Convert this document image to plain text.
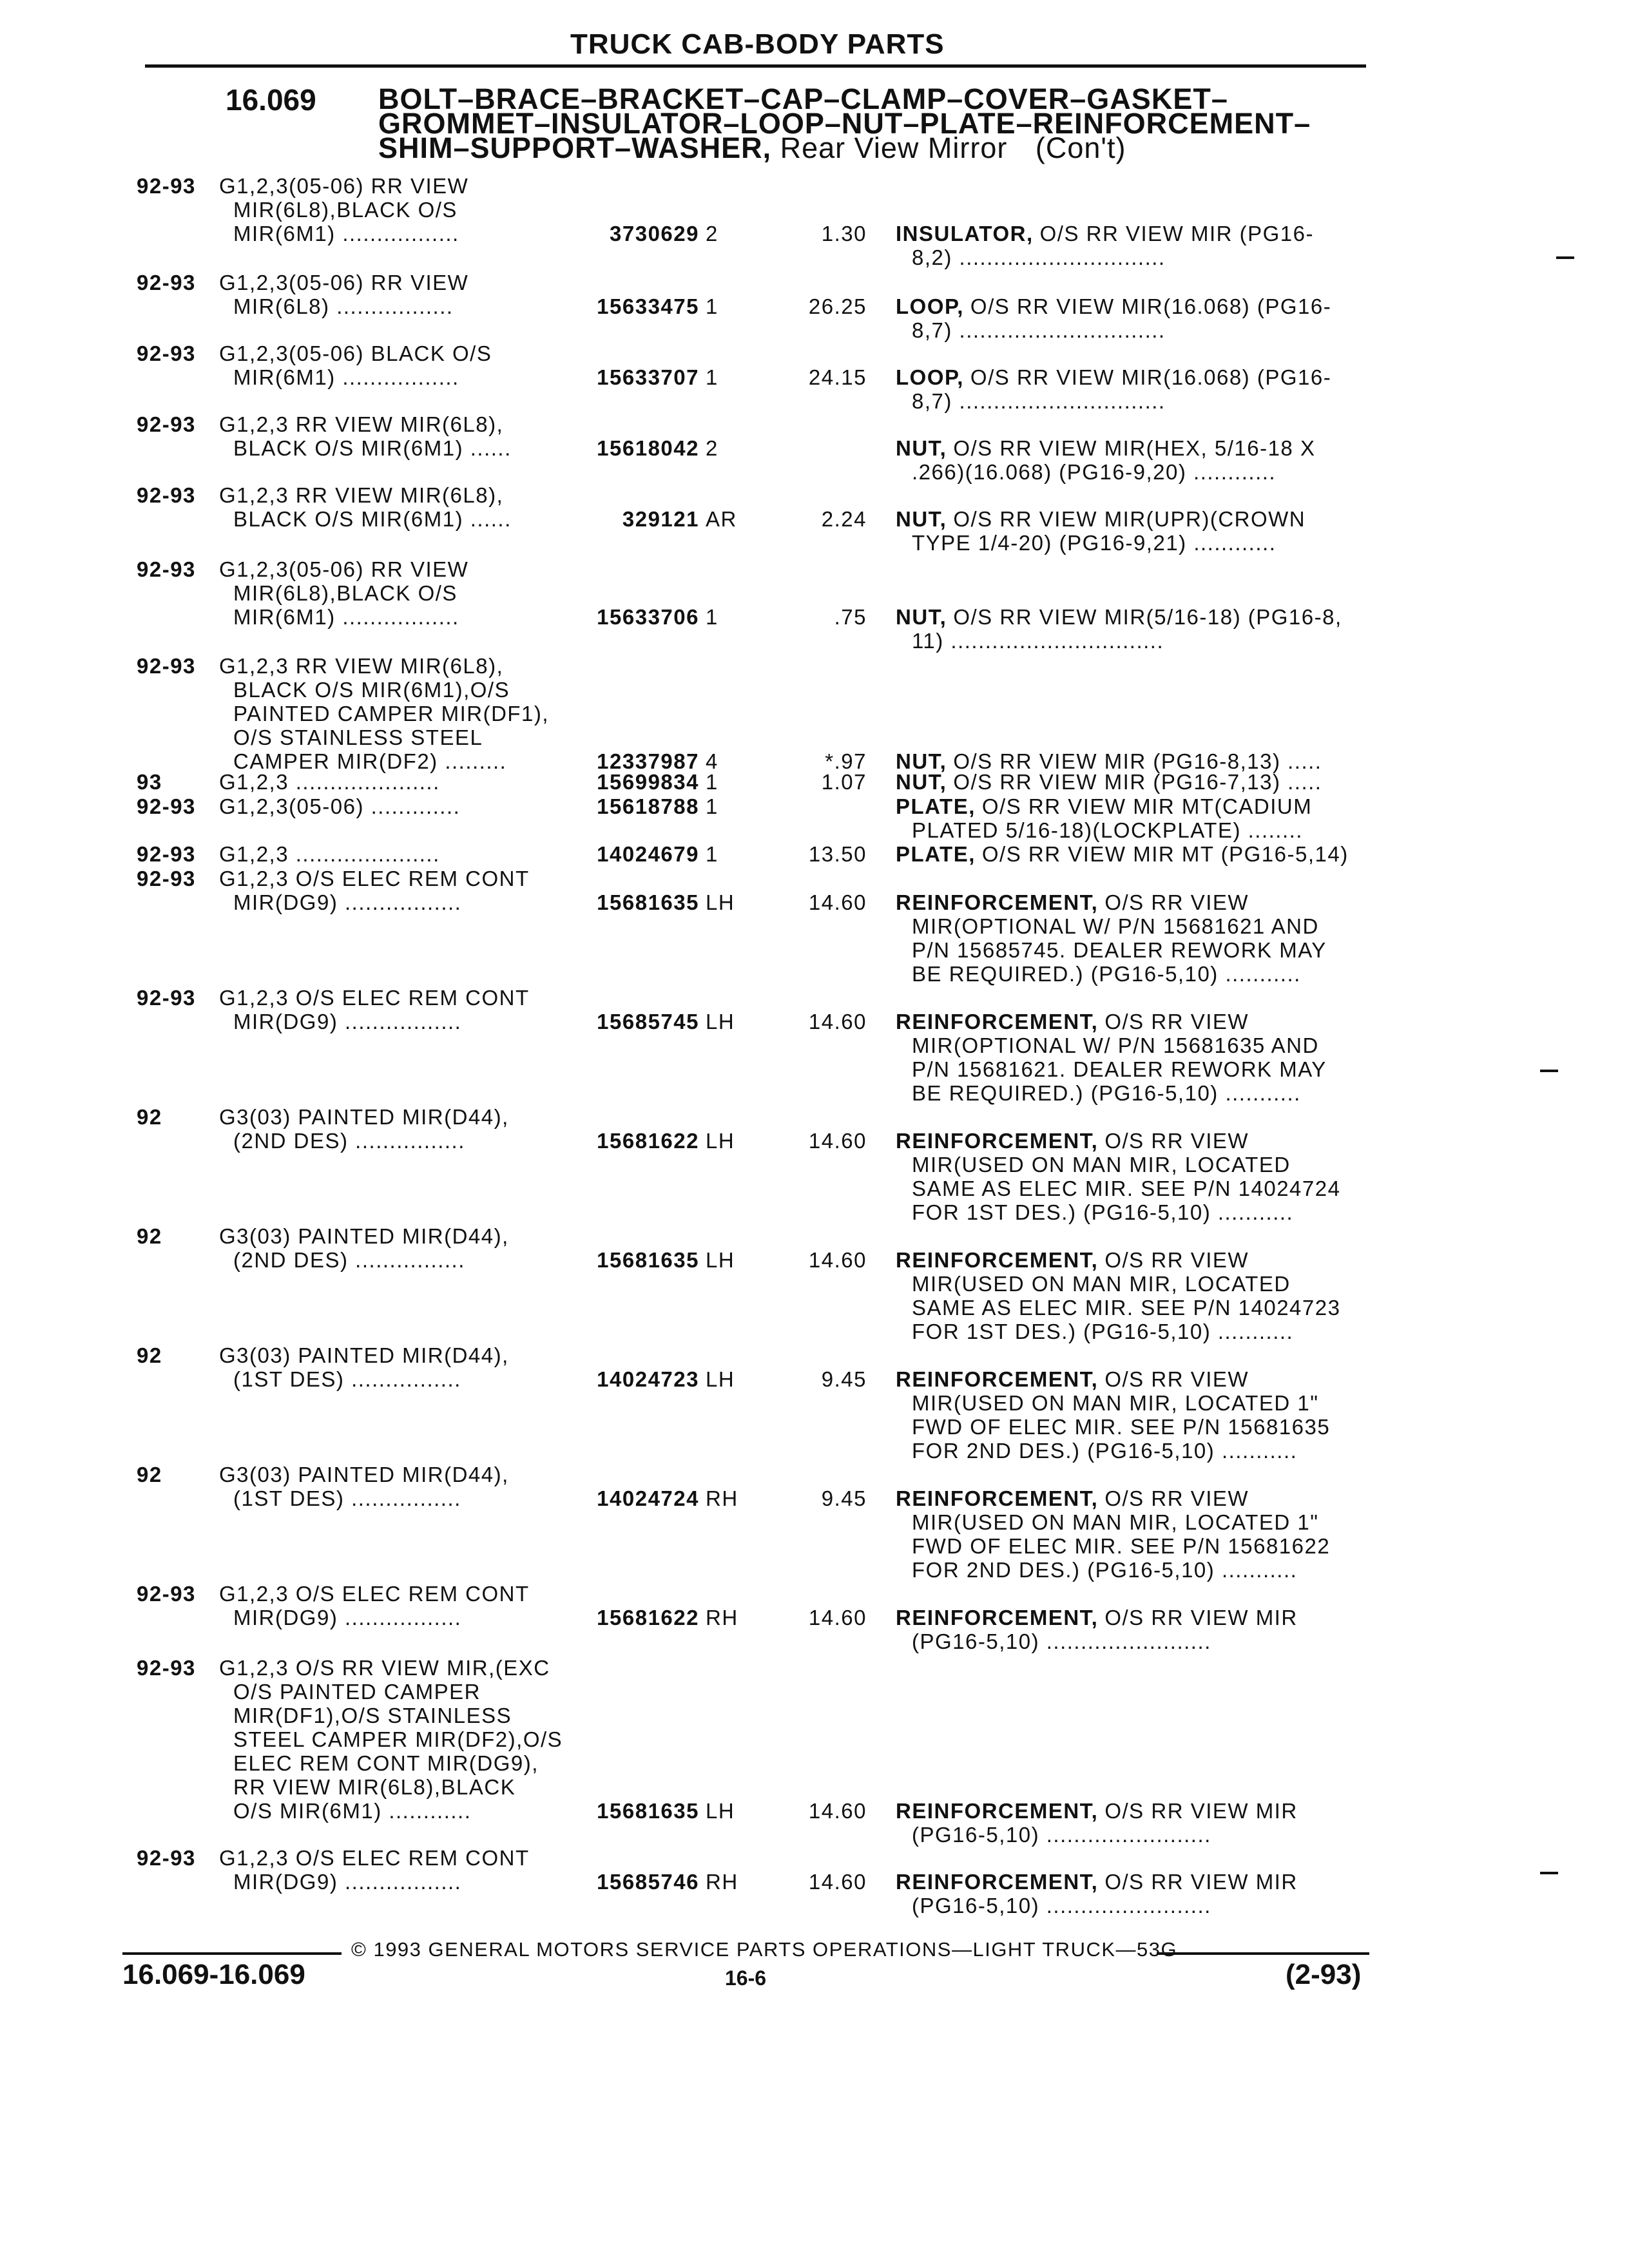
TRUCK CAB-BODY PARTS
16.069 BOLT–BRACE–BRACKET–CAP–CLAMP–COVER–GASKET–
GROMMET–INSULATOR–LOOP–NUT–PLATE–REINFORCEMENT–
SHIM–SUPPORT–WASHER, Rear View Mirror (Con't)
92-93 G1,2,3(05-06) RR VIEW
MIR(6L8),BLACK O/S
MIR(6M1) .................	3730629 2	1.30 INSULATOR, O/S RR VIEW MIR (PG16-
8,2) ..............................
92-93 G1,2,3(05-06) RR VIEW
MIR(6L8) .................	15633475 1	26.25 LOOP, O/S RR VIEW MIR(16.068) (PG16-
8,7) ..............................
92-93 G1,2,3(05-06) BLACK O/S
MIR(6M1) .................	15633707 1	24.15 LOOP, O/S RR VIEW MIR(16.068) (PG16-
8,7) ..............................
92-93 G1,2,3 RR VIEW MIR(6L8),
BLACK O/S MIR(6M1) ......	15618042 2	NUT, O/S RR VIEW MIR(HEX, 5/16-18 X
.266)(16.068) (PG16-9,20) ............
92-93 G1,2,3 RR VIEW MIR(6L8),
BLACK O/S MIR(6M1) ......	329121 AR	2.24 NUT, O/S RR VIEW MIR(UPR)(CROWN
TYPE 1/4-20) (PG16-9,21) ............
92-93 G1,2,3(05-06) RR VIEW
MIR(6L8),BLACK O/S
MIR(6M1) .................	15633706 1	.75 NUT, O/S RR VIEW MIR(5/16-18) (PG16-8,
11) ...............................
92-93 G1,2,3 RR VIEW MIR(6L8),
BLACK O/S MIR(6M1),O/S
PAINTED CAMPER MIR(DF1),
O/S STAINLESS STEEL
CAMPER MIR(DF2) .........	12337987 4	*.97 NUT, O/S RR VIEW MIR (PG16-8,13) .....
93	G1,2,3 .....................	15699834 1	1.07 NUT, O/S RR VIEW MIR (PG16-7,13) .....
92-93 G1,2,3(05-06) .............	15618788 1	PLATE, O/S RR VIEW MIR MT(CADIUM
PLATED 5/16-18)(LOCKPLATE) ........
92-93 G1,2,3 .....................	14024679 1	13.50 PLATE, O/S RR VIEW MIR MT (PG16-5,14)
92-93 G1,2,3 O/S ELEC REM CONT
MIR(DG9) .................	15681635 LH	14.60 REINFORCEMENT, O/S RR VIEW
MIR(OPTIONAL W/ P/N 15681621 AND
P/N 15685745. DEALER REWORK MAY
BE REQUIRED.) (PG16-5,10) ...........
92-93 G1,2,3 O/S ELEC REM CONT
MIR(DG9) .................	15685745 LH	14.60 REINFORCEMENT, O/S RR VIEW
MIR(OPTIONAL W/ P/N 15681635 AND
P/N 15681621. DEALER REWORK MAY
BE REQUIRED.) (PG16-5,10) ...........
92	G3(03) PAINTED MIR(D44),
(2ND DES) ................	15681622 LH	14.60 REINFORCEMENT, O/S RR VIEW
MIR(USED ON MAN MIR, LOCATED
SAME AS ELEC MIR. SEE P/N 14024724
FOR 1ST DES.) (PG16-5,10) ...........
92	G3(03) PAINTED MIR(D44),
(2ND DES) ................	15681635 LH	14.60 REINFORCEMENT, O/S RR VIEW
MIR(USED ON MAN MIR, LOCATED
SAME AS ELEC MIR. SEE P/N 14024723
FOR 1ST DES.) (PG16-5,10) ...........
92	G3(03) PAINTED MIR(D44),
(1ST DES) ................	14024723 LH	9.45 REINFORCEMENT, O/S RR VIEW
MIR(USED ON MAN MIR, LOCATED 1"
FWD OF ELEC MIR. SEE P/N 15681635
FOR 2ND DES.) (PG16-5,10) ...........
92	G3(03) PAINTED MIR(D44),
(1ST DES) ................	14024724 RH	9.45 REINFORCEMENT, O/S RR VIEW
MIR(USED ON MAN MIR, LOCATED 1"
FWD OF ELEC MIR. SEE P/N 15681622
FOR 2ND DES.) (PG16-5,10) ...........
92-93 G1,2,3 O/S ELEC REM CONT
MIR(DG9) .................	15681622 RH	14.60 REINFORCEMENT, O/S RR VIEW MIR
(PG16-5,10) ........................
92-93 G1,2,3 O/S RR VIEW MIR,(EXC
O/S PAINTED CAMPER
MIR(DF1),O/S STAINLESS
STEEL CAMPER MIR(DF2),O/S
ELEC REM CONT MIR(DG9),
RR VIEW MIR(6L8),BLACK
O/S MIR(6M1) ............	15681635 LH	14.60 REINFORCEMENT, O/S RR VIEW MIR
(PG16-5,10) ........................
92-93 G1,2,3 O/S ELEC REM CONT
MIR(DG9) .................	15685746 RH	14.60 REINFORCEMENT, O/S RR VIEW MIR
(PG16-5,10) ........................
© 1993 GENERAL MOTORS SERVICE PARTS OPERATIONS—LIGHT TRUCK—53G
16.069-16.069	16-6	(2-93)
